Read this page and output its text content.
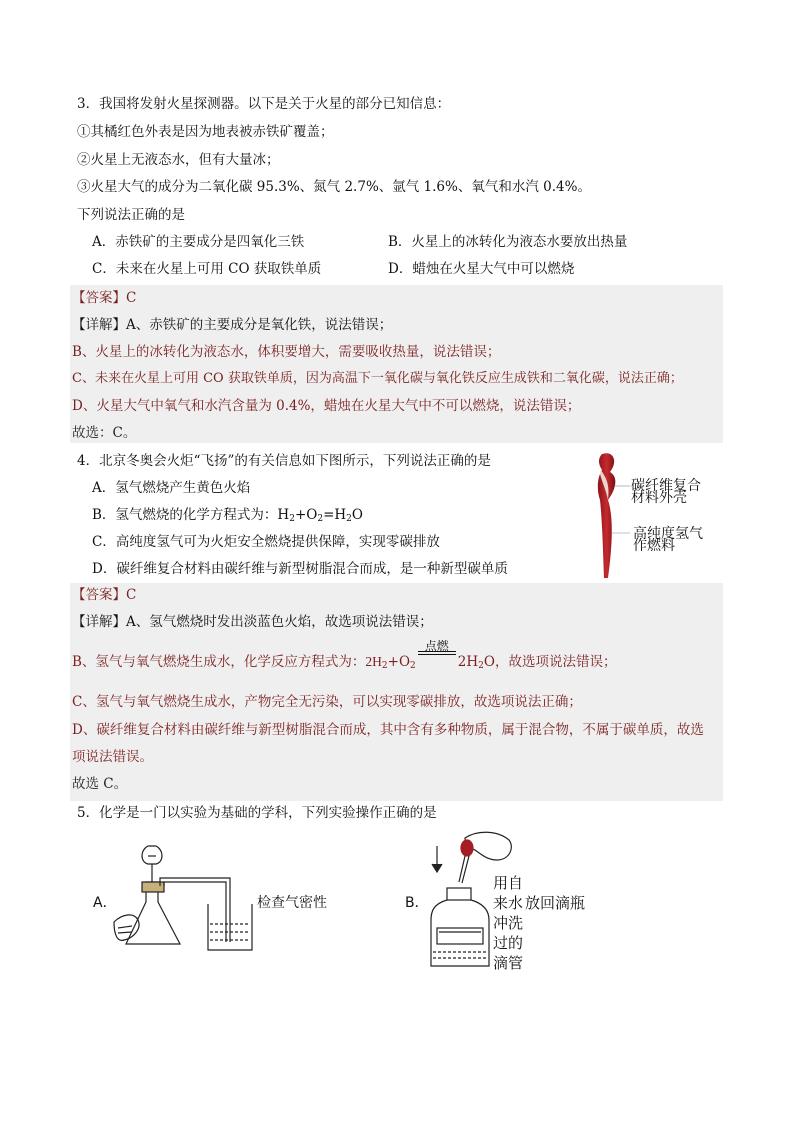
3．我国将发射火星探测器。以下是关于火星的部分已知信息：
①其橘红色外表是因为地表被赤铁矿覆盖；
②火星上无液态水，但有大量冰；
③火星大气的成分为二氧化碳 95.3%、氮气 2.7%、氩气 1.6%、氧气和水汽 0.4%。
下列说法正确的是
A．赤铁矿的主要成分是四氧化三铁	B．火星上的冰转化为液态水要放出热量
C．未来在火星上可用 CO 获取铁单质	D．蜡烛在火星大气中可以燃烧
【答案】C
【详解】A、赤铁矿的主要成分是氧化铁，说法错误；
B、火星上的冰转化为液态水，体积要增大，需要吸收热量，说法错误；
C、未来在火星上可用 CO 获取铁单质，因为高温下一氧化碳与氧化铁反应生成铁和二氧化碳，说法正确；
D、火星大气中氧气和水汽含量为 0.4%，蜡烛在火星大气中不可以燃烧，说法错误；
故选：C。
4．北京冬奥会火炬“飞扬”的有关信息如下图所示，下列说法正确的是
A．氢气燃烧产生黄色火焰
B．氢气燃烧的化学方程式为：$H_2+O_2=H_2O$
C．高纯度氢气可为火炬安全燃烧提供保障，实现零碳排放
D．碳纤维复合材料由碳纤维与新型树脂混合而成，是一种新型碳单质
碳纤维复合
材料外壳
高纯度氢气
作燃料
【答案】C
【详解】A、氢气燃烧时发出淡蓝色火焰，故选项说法错误；
B、氢气与氧气燃烧生成水，化学反应方程式为：$2H_2+O_2$
点燃
$2H_2O$，故选项说法错误；
C、氢气与氧气燃烧生成水，产物完全无污染，可以实现零碳排放，故选项说法正确；
D、碳纤维复合材料由碳纤维与新型树脂混合而成，其中含有多种物质，属于混合物，不属于碳单质，故选
项说法错误。
故选 C。
5．化学是一门以实验为基础的学科，下列实验操作正确的是
A．	检查气密性	B．
用自
来水
冲洗
过的
滴管
放回滴瓶
